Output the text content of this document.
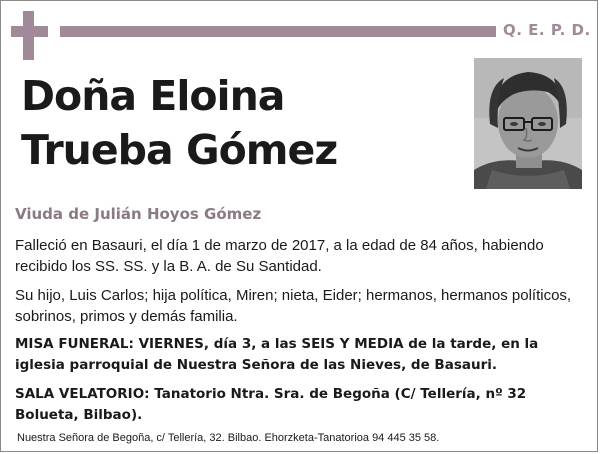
Q. E. P. D.
Doña Eloina
Trueba Gómez

Viuda de Julián Hoyos Gómez

Falleció en Basauri, el día 1 de marzo de 2017, a la edad de 84 años, habiendo recibido los SS. SS. y la B. A. de Su Santidad.

Su hijo, Luis Carlos; hija política, Miren; nieta, Eider; hermanos, hermanos políticos, sobrinos, primos y demás familia.

MISA FUNERAL: VIERNES, día 3, a las SEIS Y MEDIA de la tarde, en la iglesia parroquial de Nuestra Señora de las Nieves, de Basauri.

SALA VELATORIO: Tanatorio Ntra. Sra. de Begoña (C/ Tellería, nº 32 Bolueta, Bilbao).

Nuestra Señora de Begoña, c/ Tellería, 32. Bilbao. Ehorzketa-Tanatorioa 94 445 35 58.
